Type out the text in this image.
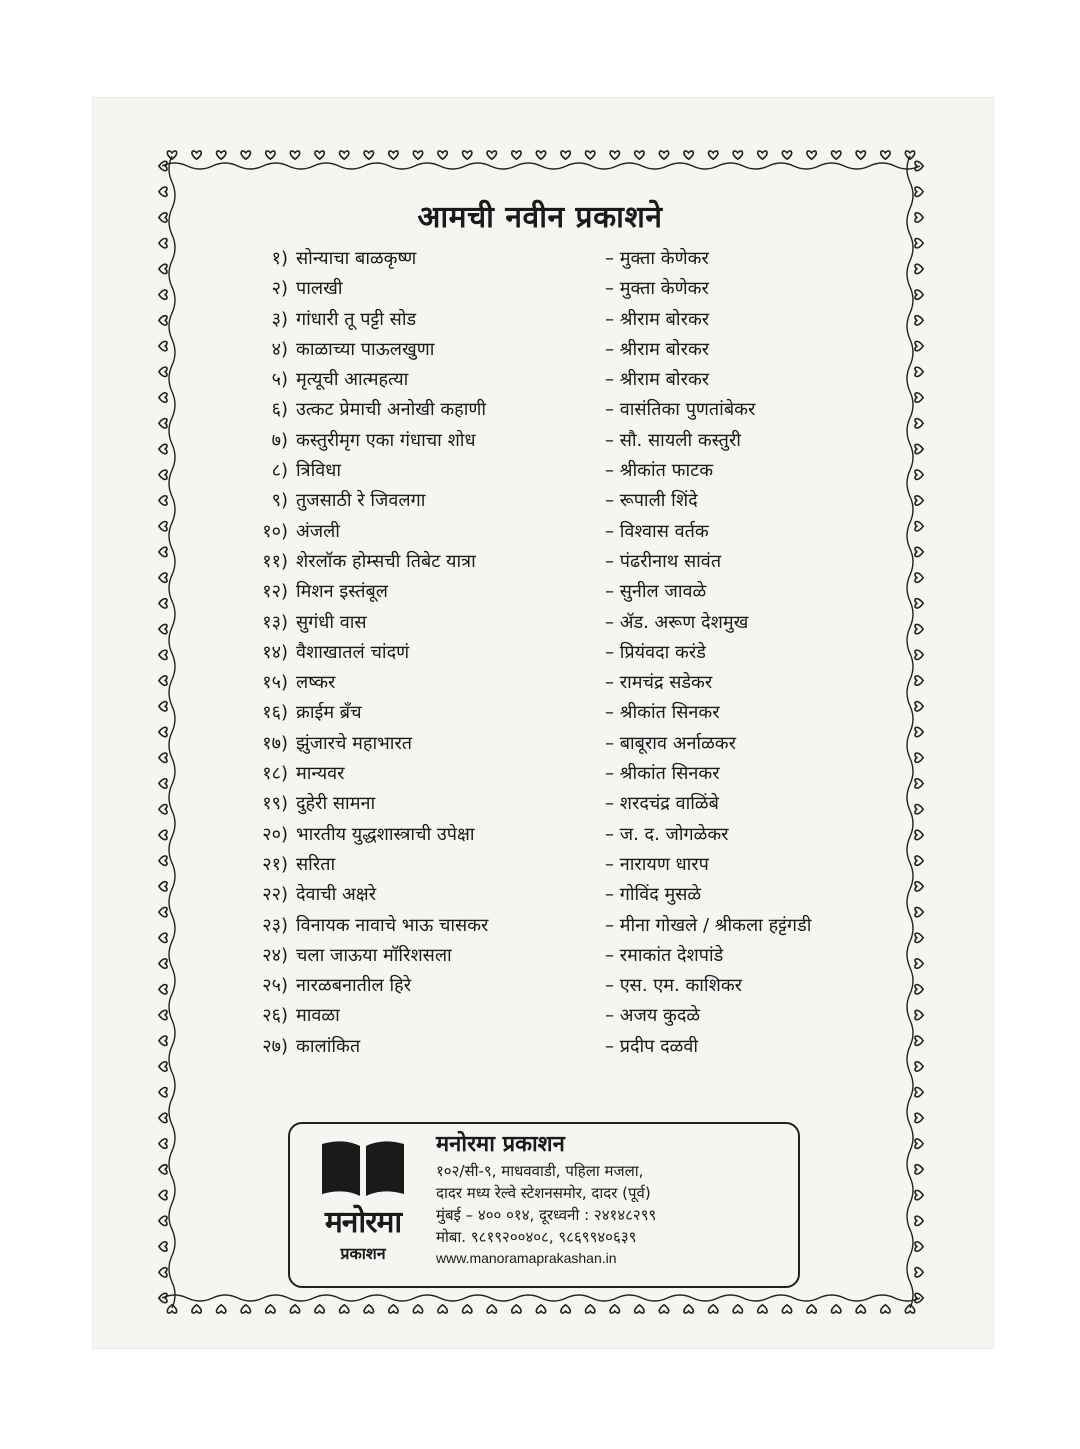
आमची नवीन प्रकाशने
१) सोन्याचा बाळकृष्ण	– मुक्ता केणेकर
२) पालखी	– मुक्ता केणेकर
३) गांधारी तू पट्टी सोड	– श्रीराम बोरकर
४) काळाच्या पाऊलखुणा	– श्रीराम बोरकर
५) मृत्यूची आत्महत्या	– श्रीराम बोरकर
६) उत्कट प्रेमाची अनोखी कहाणी	– वासंतिका पुणतांबेकर
७) कस्तुरीमृग एका गंधाचा शोध	– सौ. सायली कस्तुरी
८) त्रिविधा	– श्रीकांत फाटक
९) तुजसाठी रे जिवलगा	– रूपाली शिंदे
१०) अंजली	– विश्वास वर्तक
११) शेरलॉक होम्सची तिबेट यात्रा	– पंढरीनाथ सावंत
१२) मिशन इस्तंबूल	– सुनील जावळे
१३) सुगंधी वास	– ॲड. अरूण देशमुख
१४) वैशाखातलं चांदणं	– प्रियंवदा करंडे
१५) लष्कर	– रामचंद्र सडेकर
१६) क्राईम ब्रँच	– श्रीकांत सिनकर
१७) झुंजारचे महाभारत	– बाबूराव अर्नाळकर
१८) मान्यवर	– श्रीकांत सिनकर
१९) दुहेरी सामना	– शरदचंद्र वाळिंबे
२०) भारतीय युद्धशास्त्राची उपेक्षा	– ज. द. जोगळेकर
२१) सरिता	– नारायण धारप
२२) देवाची अक्षरे	– गोविंद मुसळे
२३) विनायक नावाचे भाऊ चासकर	– मीना गोखले / श्रीकला हट्टंगडी
२४) चला जाऊया मॉरिशसला	– रमाकांत देशपांडे
२५) नारळबनातील हिरे	– एस. एम. काशिकर
२६) मावळा	– अजय कुदळे
२७) कालांकित	– प्रदीप दळवी
मनोरमा
प्रकाशन
मनोरमा प्रकाशन
१०२/सी-९, माधववाडी, पहिला मजला,
दादर मध्य रेल्वे स्टेशनसमोर, दादर (पूर्व)
मुंबई – ४०० ०१४, दूरध्वनी : २४१४८२९९
मोबा. ९८१९२००४०८, ९८६९९४०६३९
www.manoramaprakashan.in
